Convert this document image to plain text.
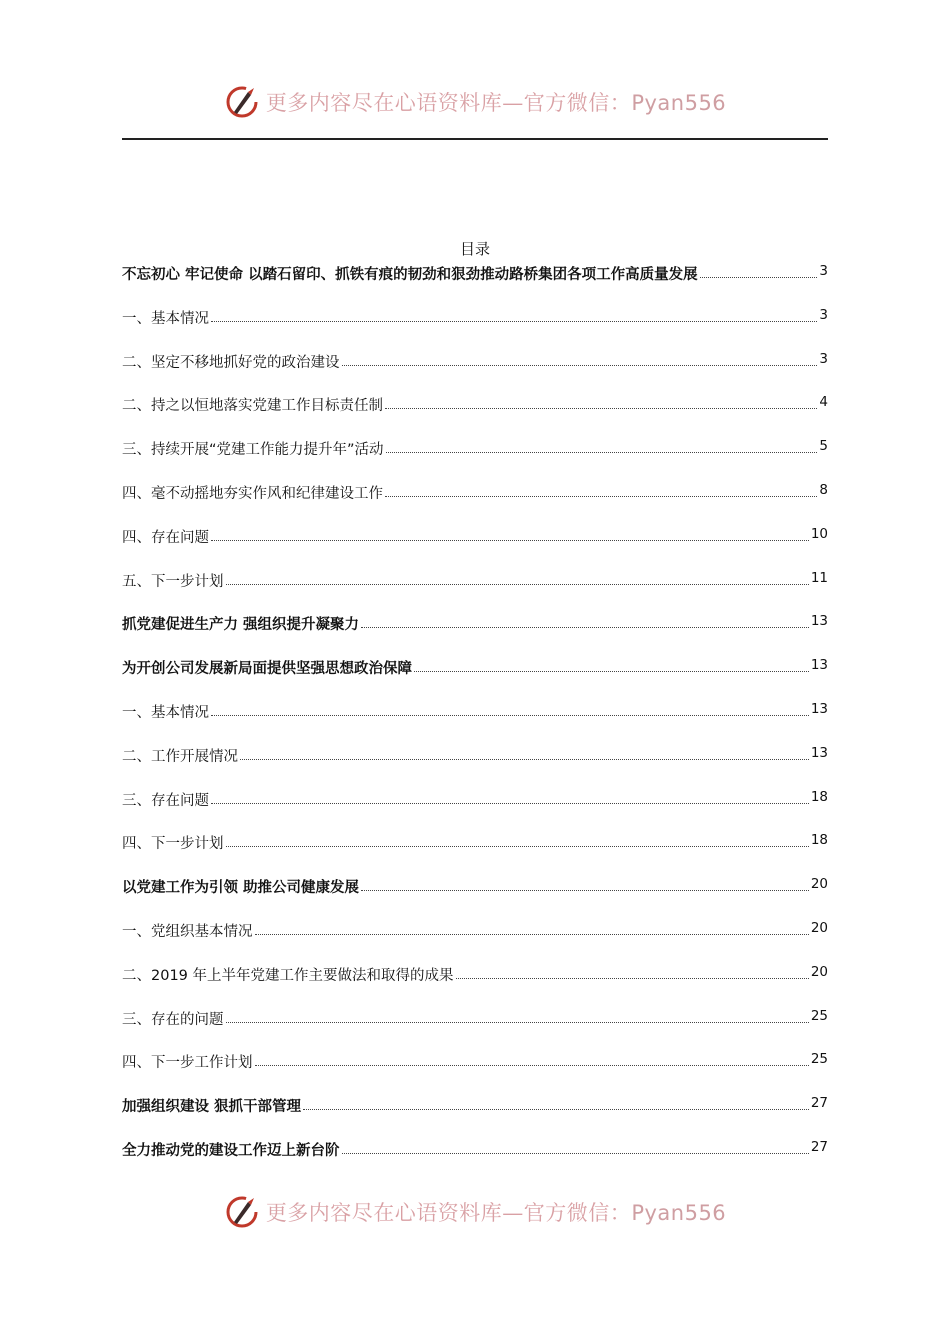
更多内容尽在心语资料库—官方微信：Pyan556
目录
不忘初心 牢记使命 以踏石留印、抓铁有痕的韧劲和狠劲推动路桥集团各项工作高质量发展	3
一、基本情况	3
二、坚定不移地抓好党的政治建设	3
二、持之以恒地落实党建工作目标责任制	4
三、持续开展“党建工作能力提升年”活动	5
四、毫不动摇地夯实作风和纪律建设工作	8
四、存在问题	10
五、下一步计划	11
抓党建促进生产力 强组织提升凝聚力	13
为开创公司发展新局面提供坚强思想政治保障	13
一、基本情况	13
二、工作开展情况	13
三、存在问题	18
四、下一步计划	18
以党建工作为引领 助推公司健康发展	20
一、党组织基本情况	20
二、2019 年上半年党建工作主要做法和取得的成果	20
三、存在的问题	25
四、下一步工作计划	25
加强组织建设 狠抓干部管理	27
全力推动党的建设工作迈上新台阶	27
更多内容尽在心语资料库—官方微信：Pyan556
